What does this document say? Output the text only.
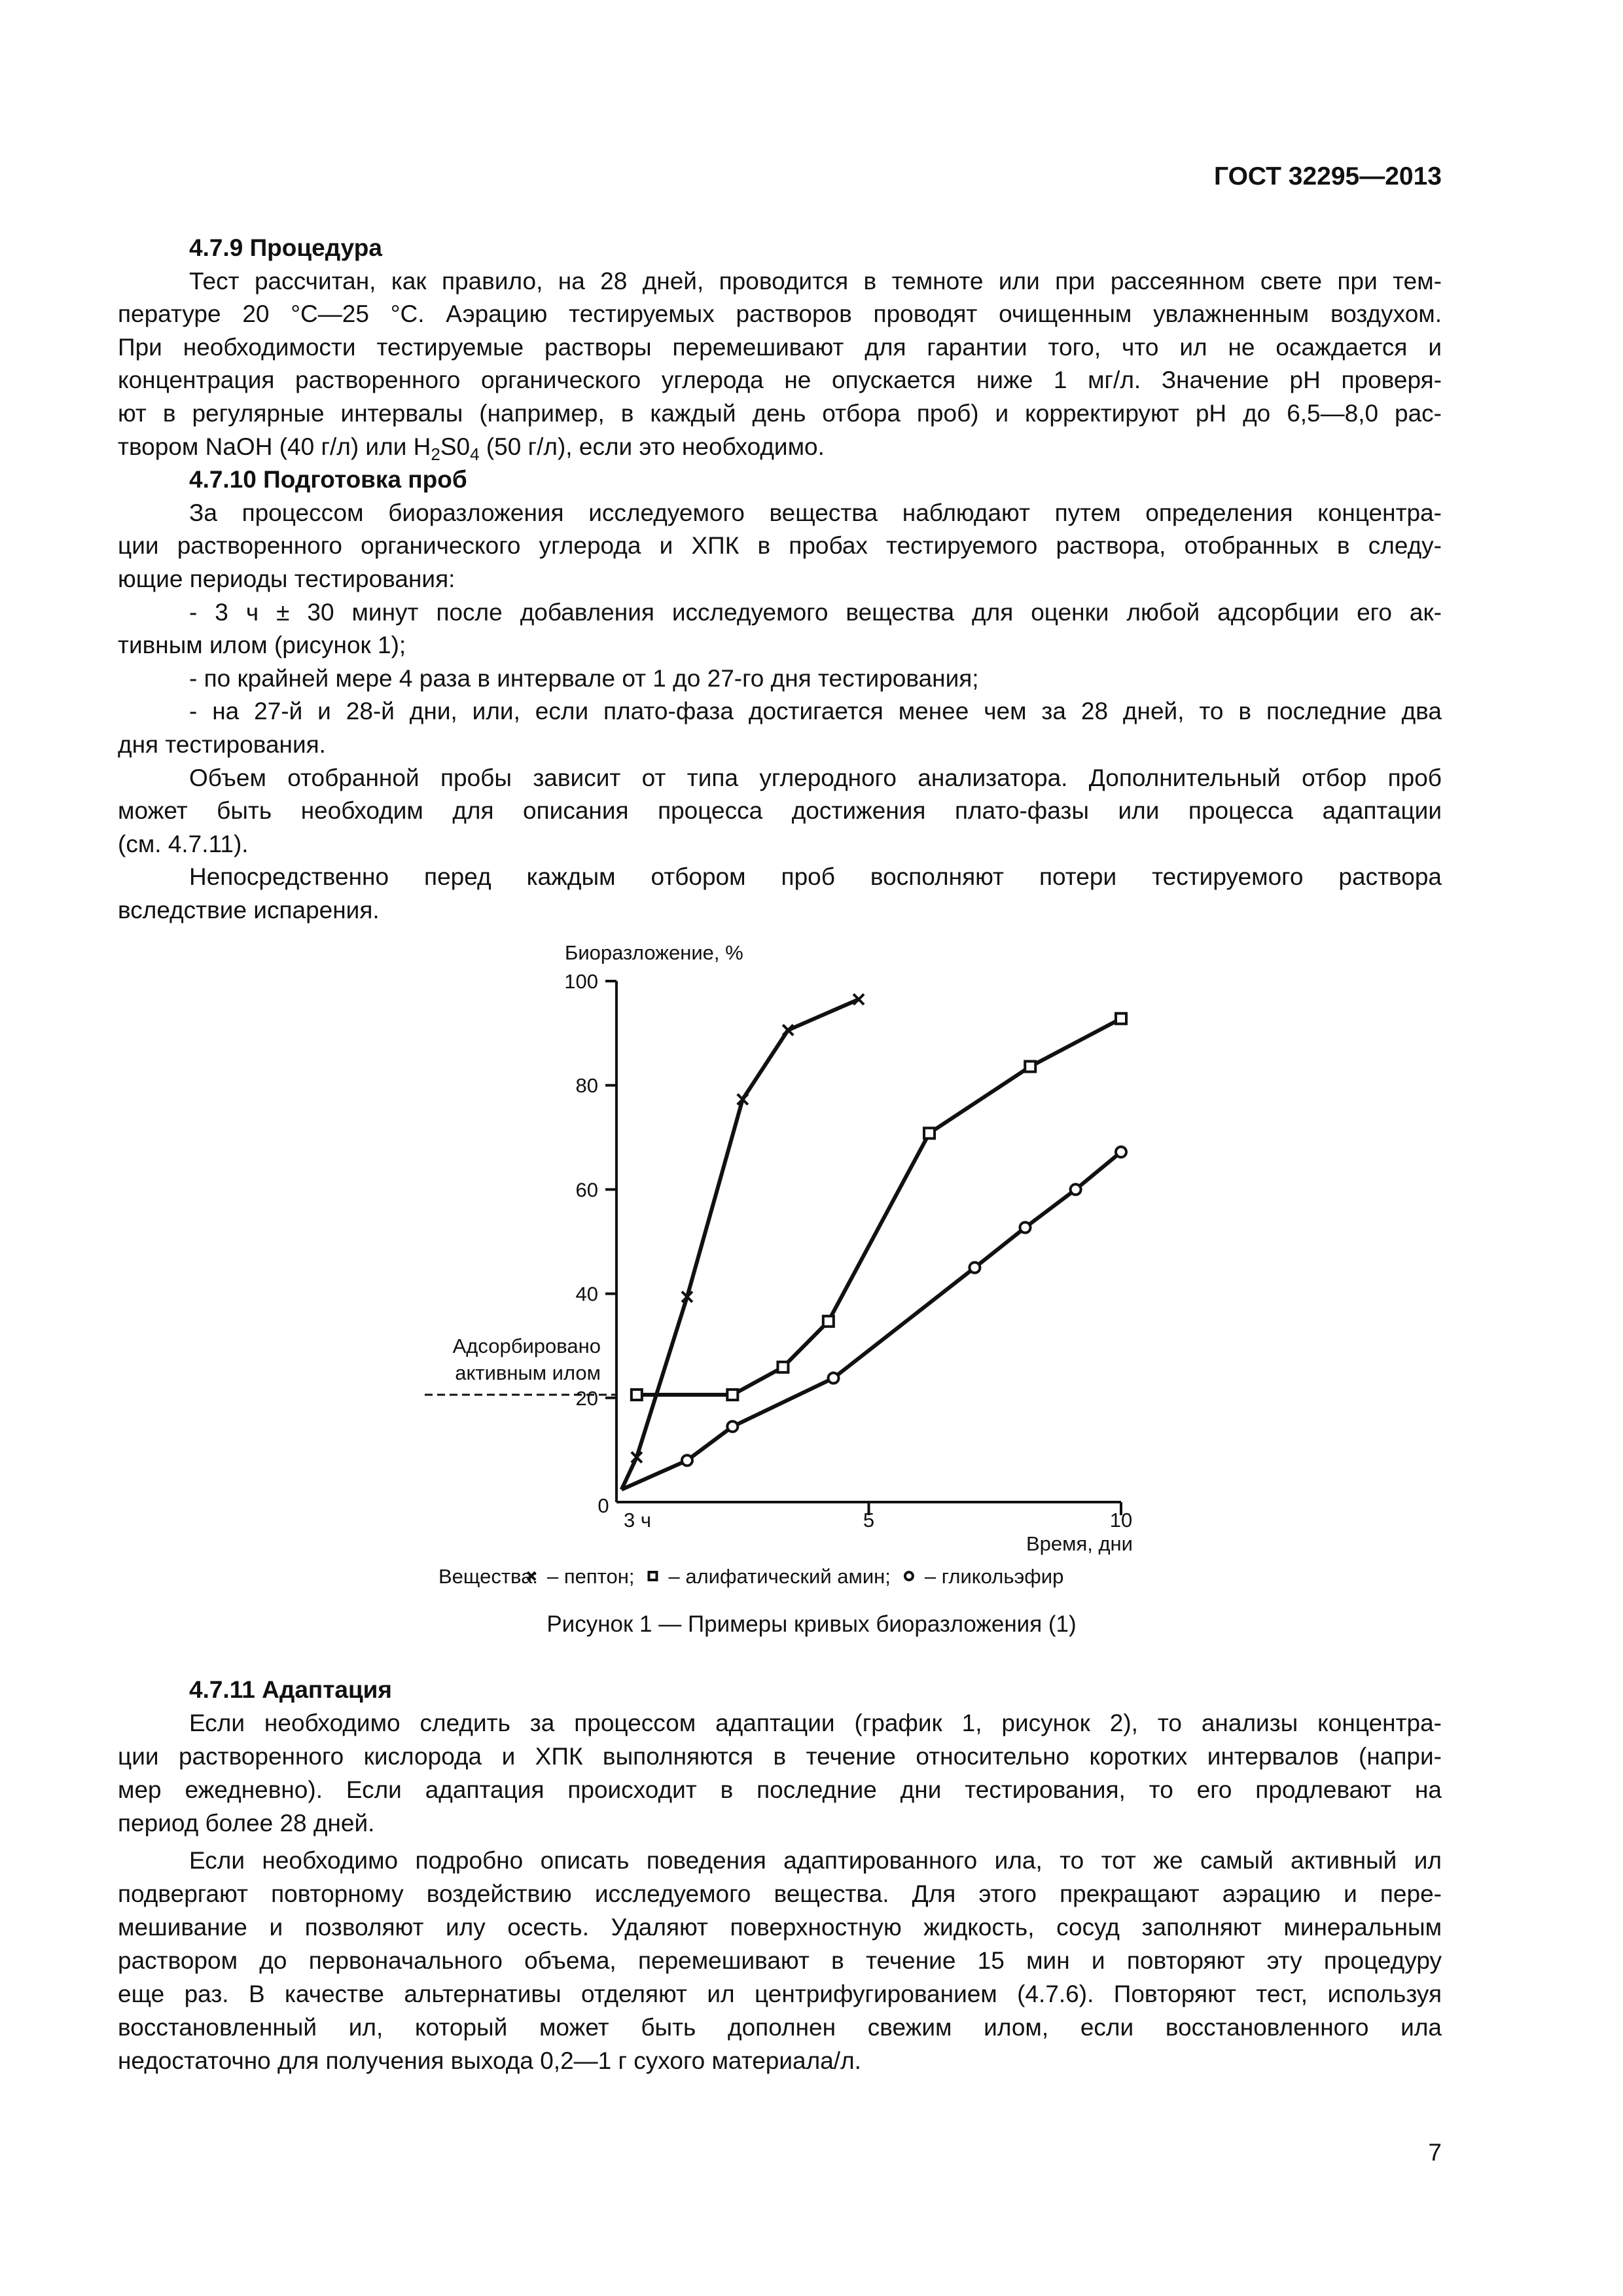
ГОСТ 32295—2013
4.7.9 Процедура
Тест рассчитан, как правило, на 28 дней, проводится в темноте или при рассеянном свете при тем-
пературе 20 °С—25 °С. Аэрацию тестируемых растворов проводят очищенным увлажненным воздухом.
При необходимости тестируемые растворы перемешивают для гарантии того, что ил не осаждается и
концентрация растворенного органического углерода не опускается ниже 1 мг/л. Значение pH проверя-
ют в регулярные интервалы (например, в каждый день отбора проб) и корректируют pH до 6,5—8,0 рас-
твором NaOH (40 г/л) или $H_2S0_4$ (50 г/л), если это необходимо.
4.7.10 Подготовка проб
За процессом биоразложения исследуемого вещества наблюдают путем определения концентра-
ции растворенного органического углерода и ХПК в пробах тестируемого раствора, отобранных в следу-
ющие периоды тестирования:
- 3 ч ± 30 минут после добавления исследуемого вещества для оценки любой адсорбции его ак-
тивным илом (рисунок 1);
- по крайней мере 4 раза в интервале от 1 до 27-го дня тестирования;
- на 27-й и 28-й дни, или, если плато-фаза достигается менее чем за 28 дней, то в последние два
дня тестирования.
Объем отобранной пробы зависит от типа углеродного анализатора. Дополнительный отбор проб
может быть необходим для описания процесса достижения плато-фазы или процесса адаптации
(см. 4.7.11).
Непосредственно перед каждым отбором проб восполняют потери тестируемого раствора
вследствие испарения.
20
40
60
80
100
3 ч	5	10
Биоразложение, %
Время, дни
Адсорбировано
активным илом
0
Вещества: – пептон; – алифатический амин; – гликольэфир
Рисунок 1 — Примеры кривых биоразложения (1)
4.7.11 Адаптация
Если необходимо следить за процессом адаптации (график 1, рисунок 2), то анализы концентра-
ции растворенного кислорода и ХПК выполняются в течение относительно коротких интервалов (напри-
мер ежедневно). Если адаптация происходит в последние дни тестирования, то его продлевают на
период более 28 дней.
Если необходимо подробно описать поведения адаптированного ила, то тот же самый активный ил
подвергают повторному воздействию исследуемого вещества. Для этого прекращают аэрацию и пере-
мешивание и позволяют илу осесть. Удаляют поверхностную жидкость, сосуд заполняют минеральным
раствором до первоначального объема, перемешивают в течение 15 мин и повторяют эту процедуру
еще раз. В качестве альтернативы отделяют ил центрифугированием (4.7.6). Повторяют тест, используя
восстановленный ил, который может быть дополнен свежим илом, если восстановленного ила
недостаточно для получения выхода 0,2—1 г сухого материала/л.
7
